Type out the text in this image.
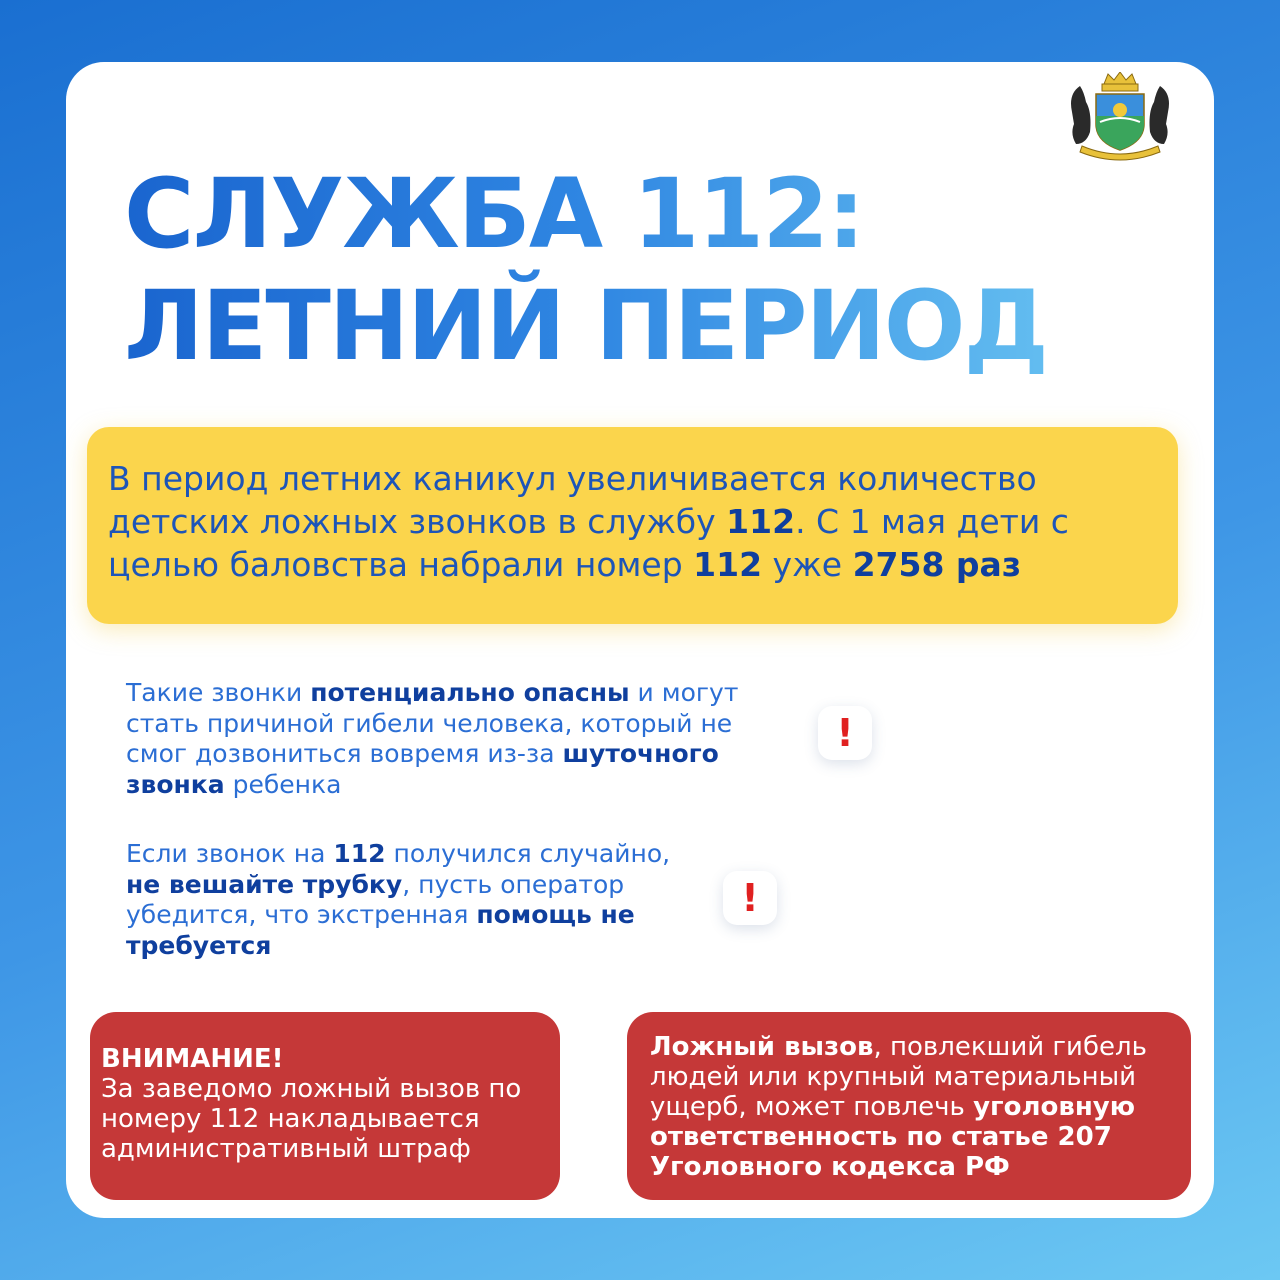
СЛУЖБА 112:
ЛЕТНИЙ ПЕРИОД

В период летних каникул увеличивается количество детских ложных звонков в службу 112. С 1 мая дети с целью баловства набрали номер 112 уже 2758 раз

Такие звонки потенциально опасны и могут стать причиной гибели человека, который не смог дозвониться вовремя из-за шуточного звонка ребенка

!

Если звонок на 112 получился случайно, не вешайте трубку, пусть оператор убедится, что экстренная помощь не требуется

!

ВНИМАНИЕ!
За заведомо ложный вызов по номеру 112 накладывается административный штраф

Ложный вызов, повлекший гибель людей или крупный материальный ущерб, может повлечь уголовную ответственность по статье 207 Уголовного кодекса РФ
